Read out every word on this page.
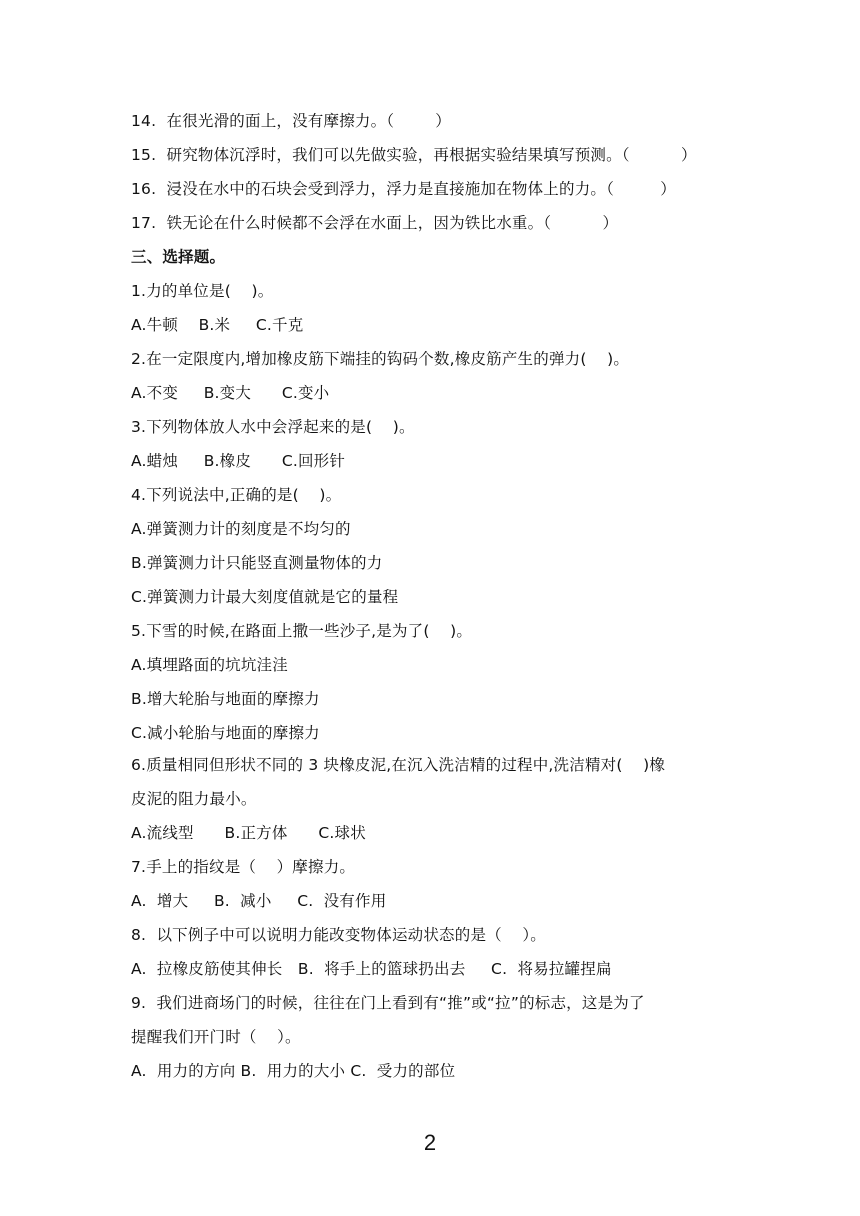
14.  在很光滑的面上，没有摩擦力。（        ）
15.  研究物体沉浮时，我们可以先做实验，再根据实验结果填写预测。（          ）
16.  浸没在水中的石块会受到浮力，浮力是直接施加在物体上的力。（         ）
17.  铁无论在什么时候都不会浮在水面上，因为铁比水重。（          ）
三、选择题。
1.力的单位是(    )。
A.牛顿    B.米     C.千克
2.在一定限度内,增加橡皮筋下端挂的钩码个数,橡皮筋产生的弹力(    )。
A.不变     B.变大      C.变小
3.下列物体放人水中会浮起来的是(    )。
A.蜡烛     B.橡皮      C.回形针
4.下列说法中,正确的是(    )。
A.弹簧测力计的刻度是不均匀的
B.弹簧测力计只能竖直测量物体的力
C.弹簧测力计最大刻度值就是它的量程
5.下雪的时候,在路面上撒一些沙子,是为了(    )。
A.填埋路面的坑坑洼洼
B.增大轮胎与地面的摩擦力
C.减小轮胎与地面的摩擦力
6.质量相同但形状不同的 3 块橡皮泥,在沉入洗洁精的过程中,洗洁精对(    )橡
皮泥的阻力最小。
A.流线型      B.正方体      C.球状
7.手上的指纹是（    ）摩擦力。
A.  增大     B.  减小     C.  没有作用
8.  以下例子中可以说明力能改变物体运动状态的是（    ）。
A.  拉橡皮筋使其伸长   B.  将手上的篮球扔出去     C.  将易拉罐捏扁
9.  我们进商场门的时候，往往在门上看到有“推”或“拉”的标志，这是为了
提醒我们开门时（    ）。
A.  用力的方向 B.  用力的大小 C.  受力的部位
2
